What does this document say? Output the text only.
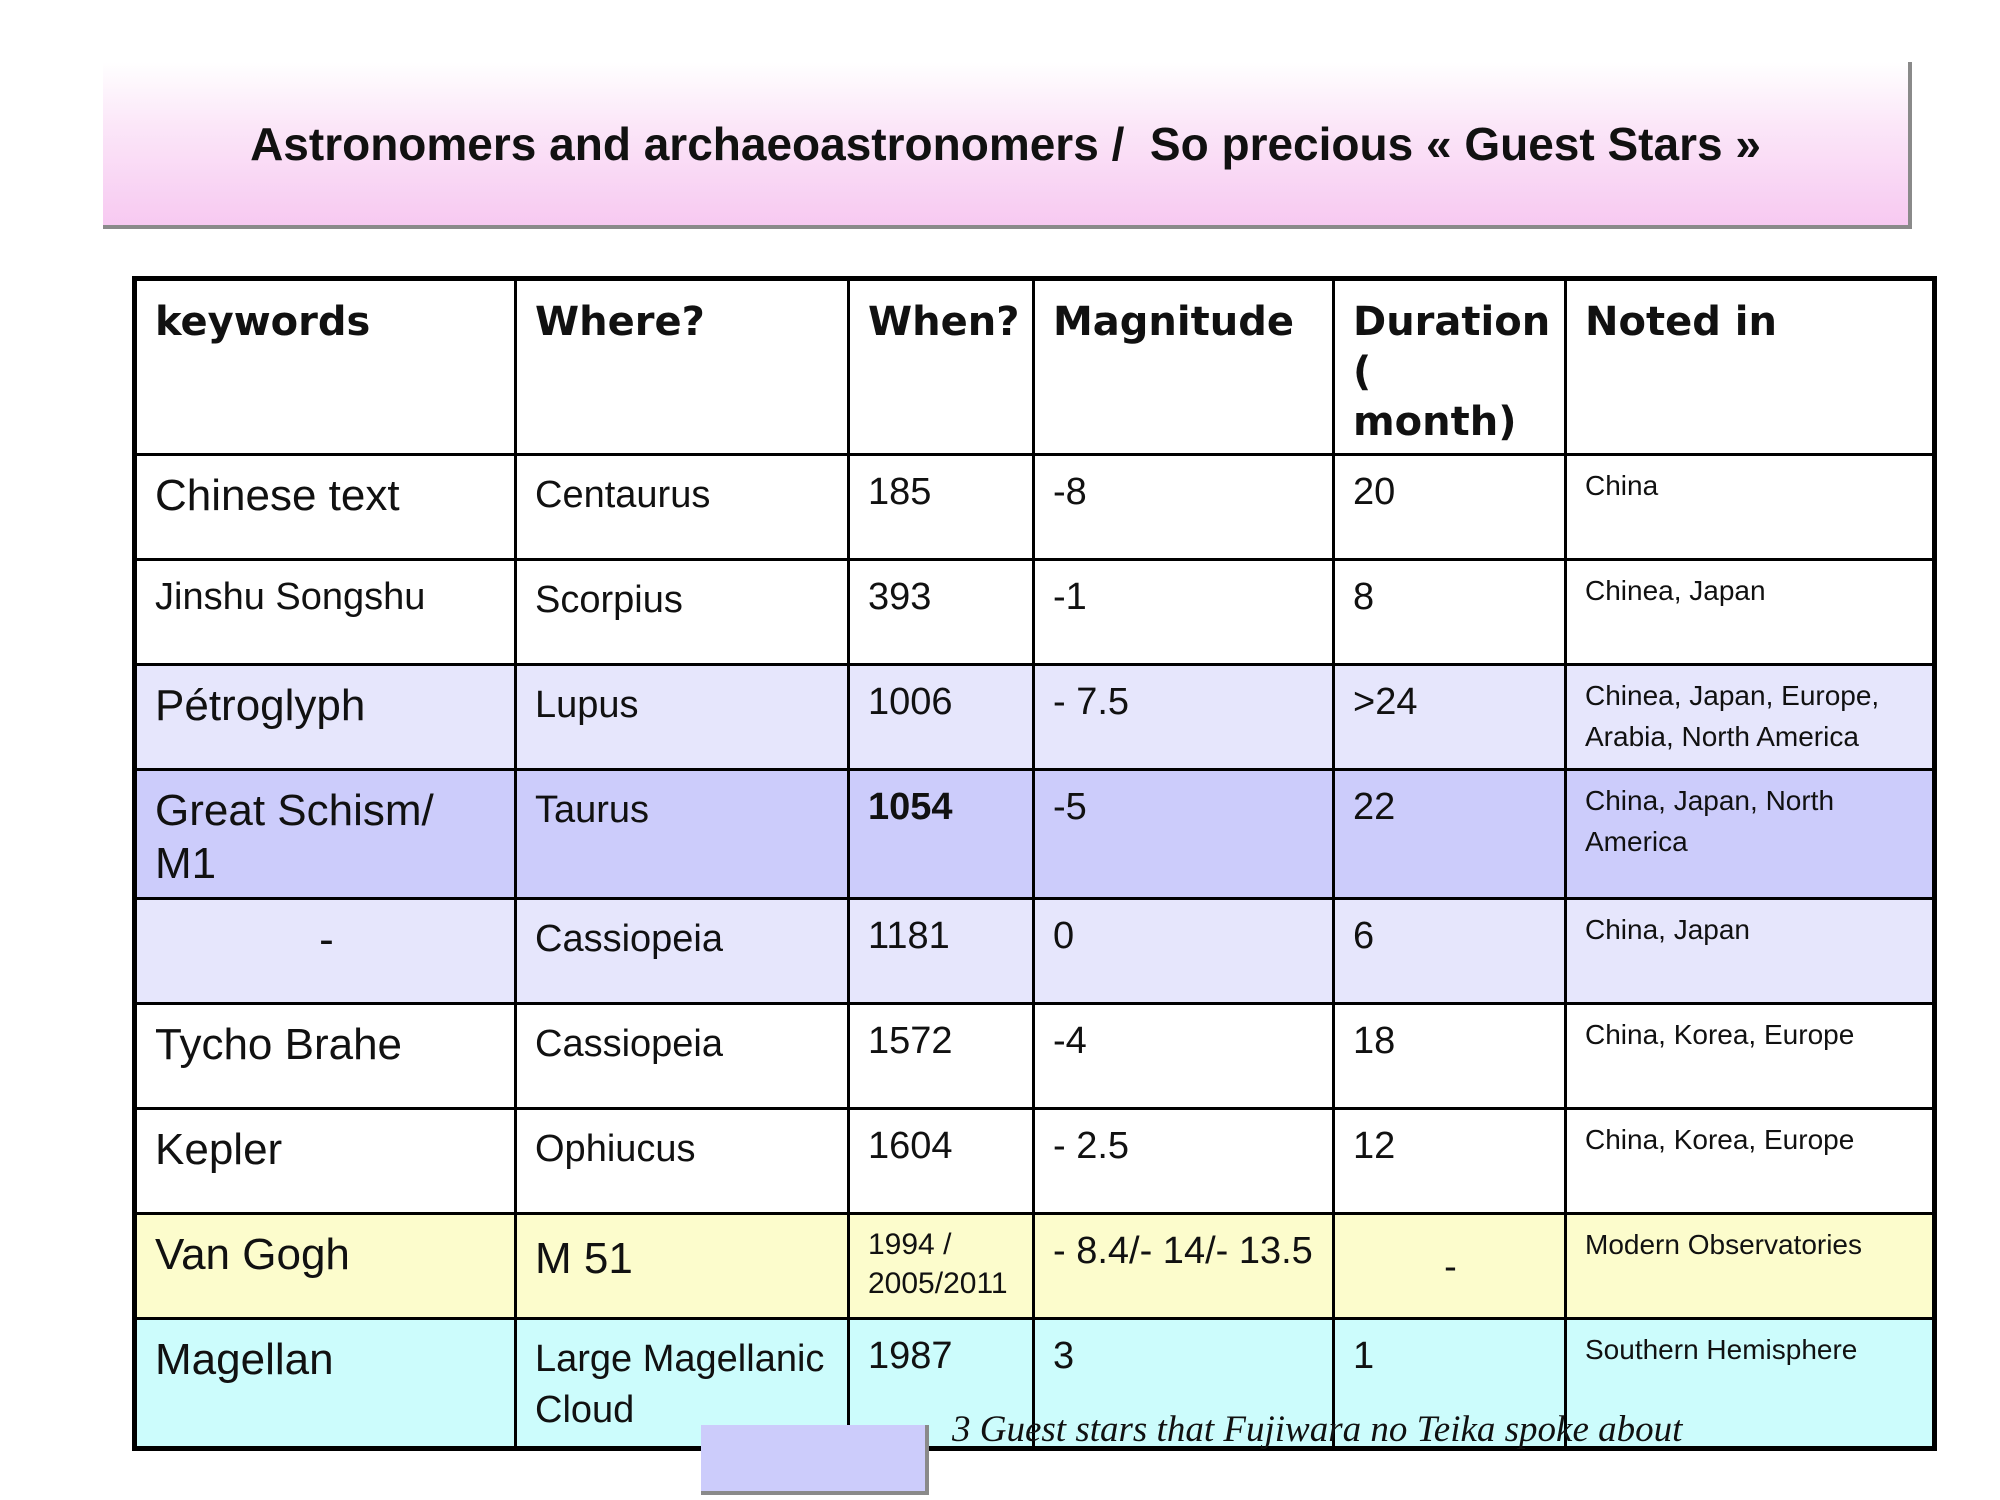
Astronomers and archaeoastronomers /  So precious « Guest Stars »
keywords	Where?	When?	Magnitude	Duration ( month)	Noted in
Chinese text	Centaurus	185	-8	20	China
Jinshu Songshu	Scorpius	393	-1	8	Chinea, Japan
Pétroglyph	Lupus	1006	- 7.5	>24	Chinea, Japan, Europe, Arabia, North America
Great Schism/ M1	Taurus	1054	-5	22	China, Japan, North America
-	Cassiopeia	1181	0	6	China, Japan
Tycho Brahe	Cassiopeia	1572	-4	18	China, Korea, Europe
Kepler	Ophiucus	1604	- 2.5	12	China, Korea, Europe
Van Gogh	M 51	1994 / 2005/2011	- 8.4/- 14/- 13.5	-	Modern Observatories
Magellan	Large Magellanic Cloud	1987	3	1	Southern Hemisphere
3 Guest stars that Fujiwara no Teika spoke about
